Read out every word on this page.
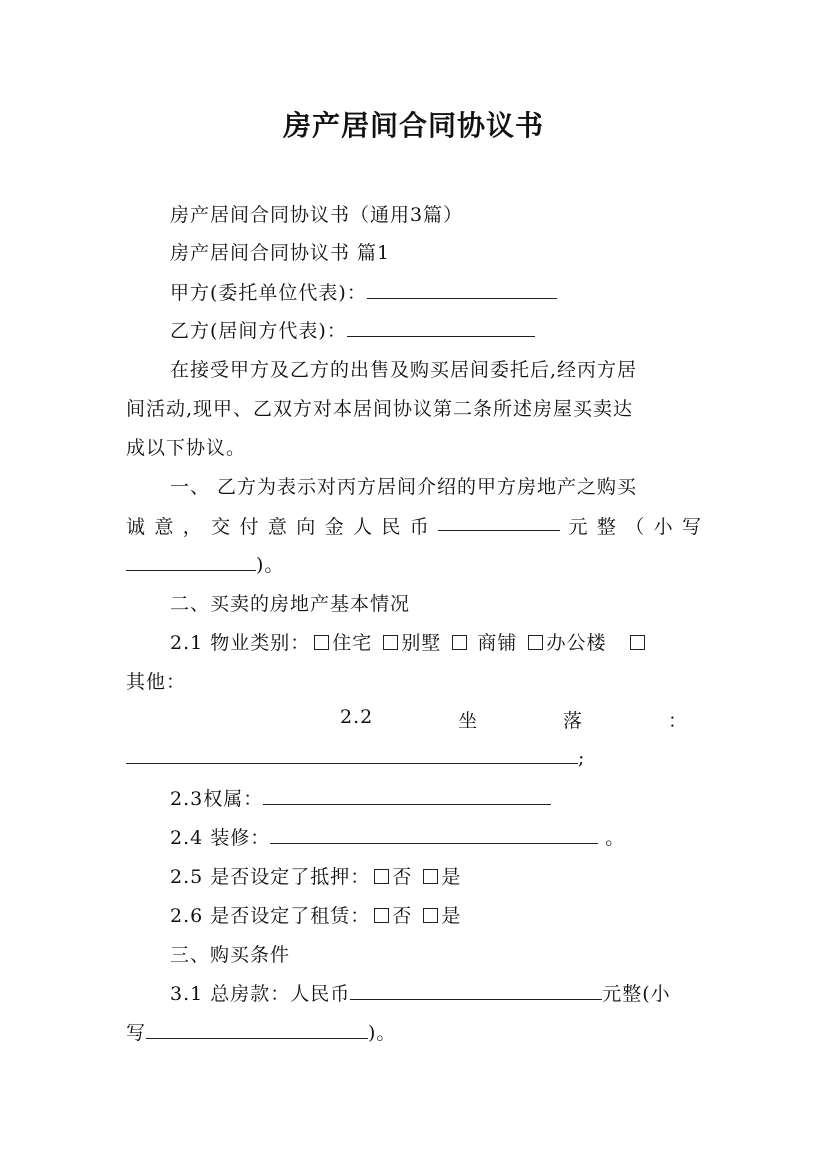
房产居间合同协议书
房产居间合同协议书（通用3篇）
房产居间合同协议书 篇1
甲方(委托单位代表)：
乙方(居间方代表)：
在接受甲方及乙方的出售及购买居间委托后,经丙方居
间活动,现甲、乙双方对本居间协议第二条所述房屋买卖达
成以下协议。
一、 乙方为表示对丙方居间介绍的甲方房地产之购买
诚 意 ， 交 付 意 向 金 人 民 币	元 整 （ 小 写
)。
二、买卖的房地产基本情况
2.1 物业类别： 住宅 别墅  商铺 办公楼
其他：
2.2	坐	落	：
;
2.3权属：
2.4 装修：	。
2.5 是否设定了抵押： 否 是
2.6 是否设定了租赁： 否 是
三、购买条件
3.1 总房款：人民币	元整(小
写	)。
